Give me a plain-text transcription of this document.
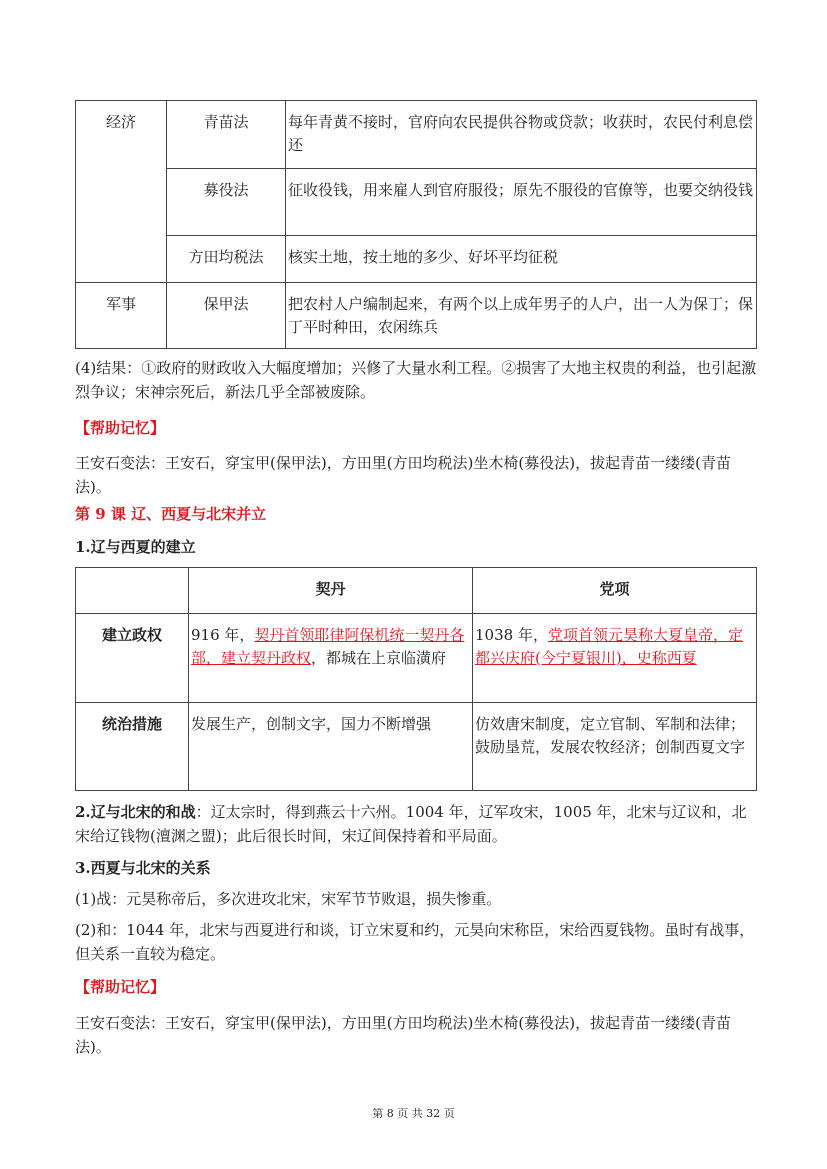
经济	青苗法	每年青黄不接时，官府向农民提供谷物或贷款；收获时，农民付利息偿还
	募役法	征收役钱，用来雇人到官府服役；原先不服役的官僚等，也要交纳役钱
	方田均税法	核实土地，按土地的多少、好坏平均征税
军事	保甲法	把农村人户编制起来，有两个以上成年男子的人户，出一人为保丁；保丁平时种田，农闲练兵
(4)结果：①政府的财政收入大幅度增加；兴修了大量水利工程。②损害了大地主权贵的利益，也引起激烈争议；宋神宗死后，新法几乎全部被废除。
【帮助记忆】
王安石变法：王安石，穿宝甲(保甲法)，方田里(方田均税法)坐木椅(募役法)，拔起青苗一缕缕(青苗法)。
第 9 课 辽、西夏与北宋并立
1.辽与西夏的建立
	契丹	党项
建立政权	916 年，契丹首领耶律阿保机统一契丹各部，建立契丹政权，都城在上京临潢府	1038 年，党项首领元昊称大夏皇帝，定都兴庆府(今宁夏银川)，史称西夏
统治措施	发展生产，创制文字，国力不断增强	仿效唐宋制度，定立官制、军制和法律；鼓励垦荒，发展农牧经济；创制西夏文字
2.辽与北宋的和战：辽太宗时，得到燕云十六州。1004 年，辽军攻宋，1005 年，北宋与辽议和，北宋给辽钱物(澶渊之盟)；此后很长时间，宋辽间保持着和平局面。
3.西夏与北宋的关系
(1)战：元昊称帝后，多次进攻北宋，宋军节节败退，损失惨重。
(2)和：1044 年，北宋与西夏进行和谈，订立宋夏和约，元昊向宋称臣，宋给西夏钱物。虽时有战事，但关系一直较为稳定。
【帮助记忆】
王安石变法：王安石，穿宝甲(保甲法)，方田里(方田均税法)坐木椅(募役法)，拔起青苗一缕缕(青苗法)。
第 8 页 共 32 页
